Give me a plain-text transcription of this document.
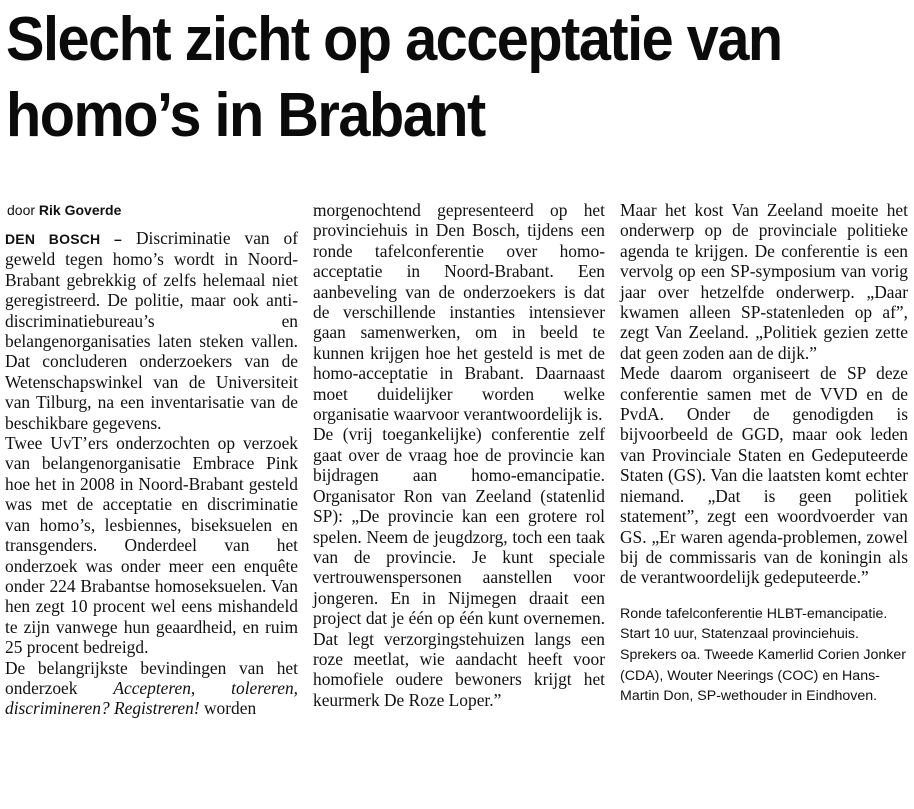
Slecht zicht op acceptatie van homo’s in Brabant

door Rik Goverde

DEN BOSCH – Discriminatie van of geweld tegen homo’s wordt in Noord-Brabant gebrekkig of zelfs helemaal niet geregistreerd. De politie, maar ook anti-discriminatiebureau’s en belangenorganisaties laten steken vallen. Dat concluderen onderzoekers van de Wetenschapswinkel van de Universiteit van Tilburg, na een inventarisatie van de beschikbare gegevens.

Twee UvT’ers onderzochten op verzoek van belangenorganisatie Embrace Pink hoe het in 2008 in Noord-Brabant gesteld was met de acceptatie en discriminatie van homo’s, lesbiennes, biseksuelen en transgenders. Onderdeel van het onderzoek was onder meer een enquête onder 224 Brabantse homoseksuelen. Van hen zegt 10 procent wel eens mishandeld te zijn vanwege hun geaardheid, en ruim 25 procent bedreigd.

De belangrijkste bevindingen van het onderzoek Accepteren, tolereren, discrimineren? Registreren! worden

morgenochtend gepresenteerd op het provinciehuis in Den Bosch, tijdens een ronde tafelconferentie over homo-acceptatie in Noord-Brabant. Een aanbeveling van de onderzoekers is dat de verschillende instanties intensiever gaan samenwerken, om in beeld te kunnen krijgen hoe het gesteld is met de homo-acceptatie in Brabant. Daarnaast moet duidelijker worden welke organisatie waarvoor verantwoordelijk is.

De (vrij toegankelijke) conferentie zelf gaat over de vraag hoe de provincie kan bijdragen aan homo-emancipatie. Organisator Ron van Zeeland (statenlid SP): „De provincie kan een grotere rol spelen. Neem de jeugdzorg, toch een taak van de provincie. Je kunt speciale vertrouwenspersonen aanstellen voor jongeren. En in Nijmegen draait een project dat je één op één kunt overnemen. Dat legt verzorgingstehuizen langs een roze meetlat, wie aandacht heeft voor homofiele oudere bewoners krijgt het keurmerk De Roze Loper.”

Maar het kost Van Zeeland moeite het onderwerp op de provinciale politieke agenda te krijgen. De conferentie is een vervolg op een SP-symposium van vorig jaar over hetzelfde onderwerp. „Daar kwamen alleen SP-statenleden op af”, zegt Van Zeeland. „Politiek gezien zette dat geen zoden aan de dijk.”

Mede daarom organiseert de SP deze conferentie samen met de VVD en de PvdA. Onder de genodigden is bijvoorbeeld de GGD, maar ook leden van Provinciale Staten en Gedeputeerde Staten (GS). Van die laatsten komt echter niemand. „Dat is geen politiek statement”, zegt een woordvoerder van GS. „Er waren agenda-problemen, zowel bij de commissaris van de koningin als de verantwoordelijk gedeputeerde.”

Ronde tafelconferentie HLBT-emancipatie. Start 10 uur, Statenzaal provinciehuis. Sprekers oa. Tweede Kamerlid Corien Jonker (CDA), Wouter Neerings (COC) en Hans-Martin Don, SP-wethouder in Eindhoven.
